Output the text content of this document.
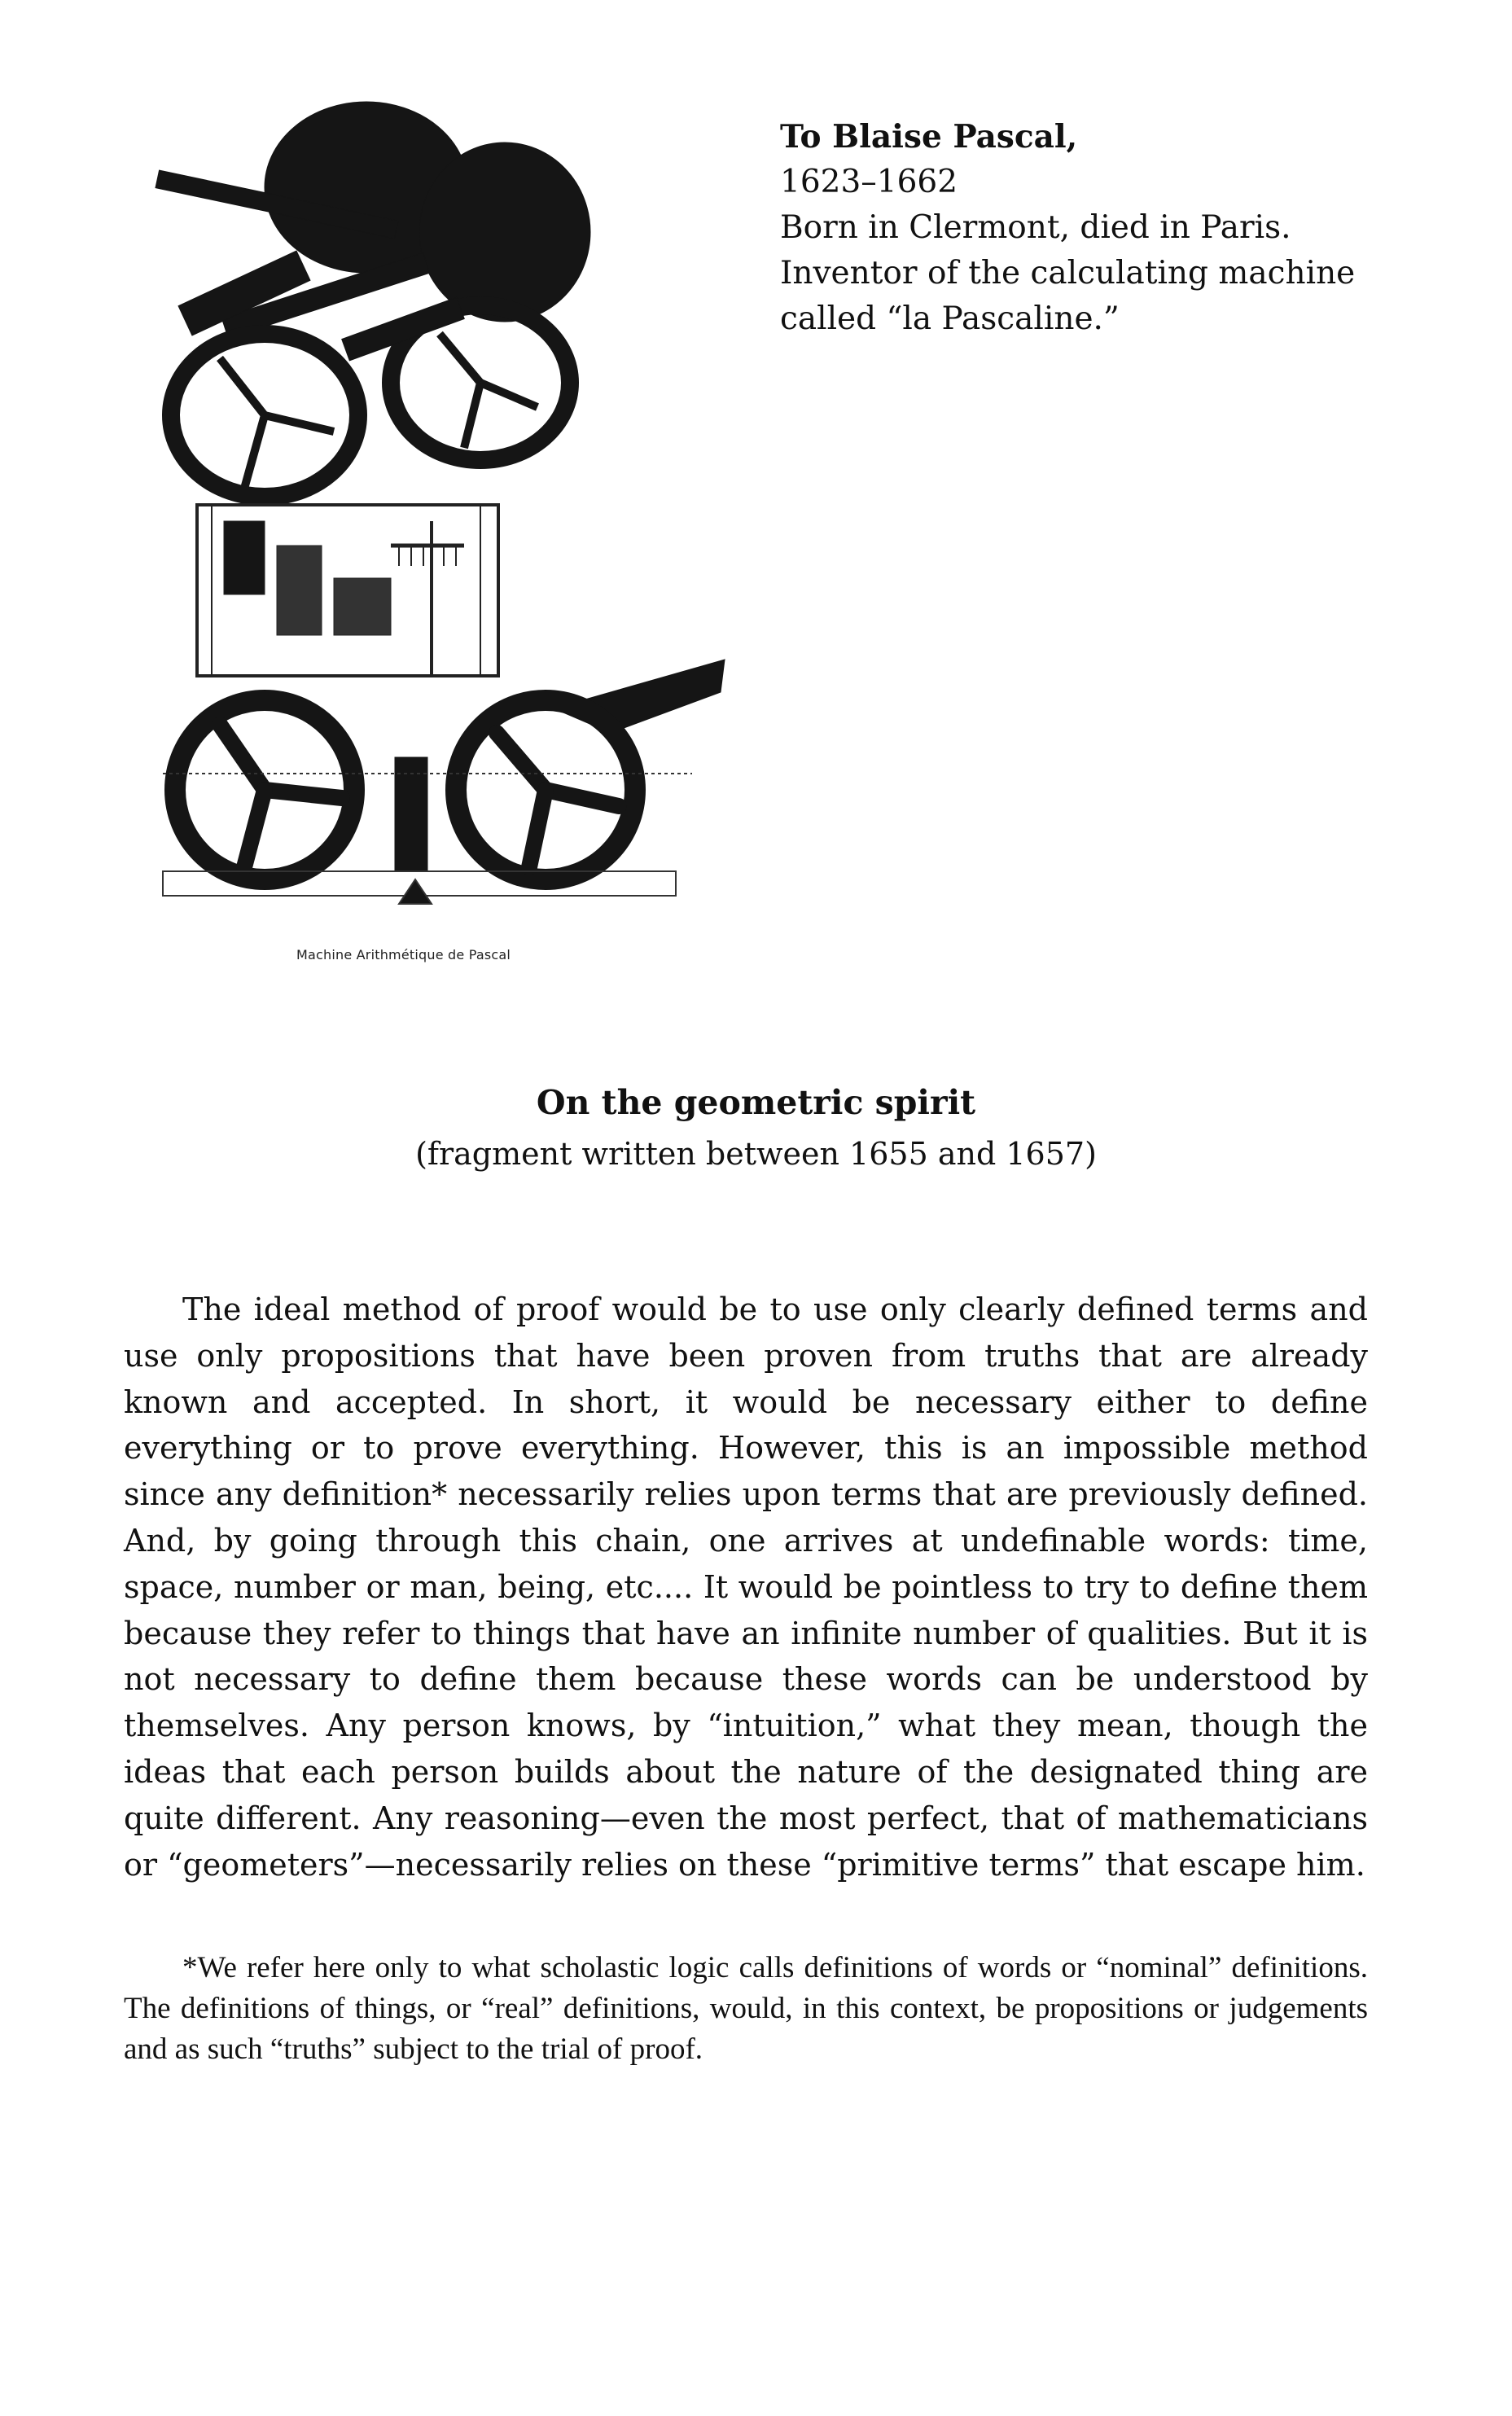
Machine Arithmétique de Pascal
To Blaise Pascal,
1623–1662
Born in Clermont, died in Paris.
Inventor of the calculating machine
called “la Pascaline.”
On the geometric spirit
(fragment written between 1655 and 1657)

The ideal method of proof would be to use only clearly defined terms and use only propositions that have been proven from truths that are already known and accepted. In short, it would be necessary either to define everything or to prove everything. However, this is an impossible method since any definition* necessarily relies upon terms that are previously defined. And, by going through this chain, one arrives at undefinable words: time, space, number or man, being, etc.... It would be pointless to try to define them because they refer to things that have an infinite number of qualities. But it is not necessary to define them because these words can be understood by themselves. Any person knows, by “intuition,” what they mean, though the ideas that each person builds about the nature of the designated thing are quite different. Any reasoning—even the most perfect, that of mathematicians or “geometers”—necessarily relies on these “primitive terms” that escape him.

*We refer here only to what scholastic logic calls definitions of words or “nominal” definitions. The definitions of things, or “real” definitions, would, in this context, be propositions or judgements and as such “truths” subject to the trial of proof.
